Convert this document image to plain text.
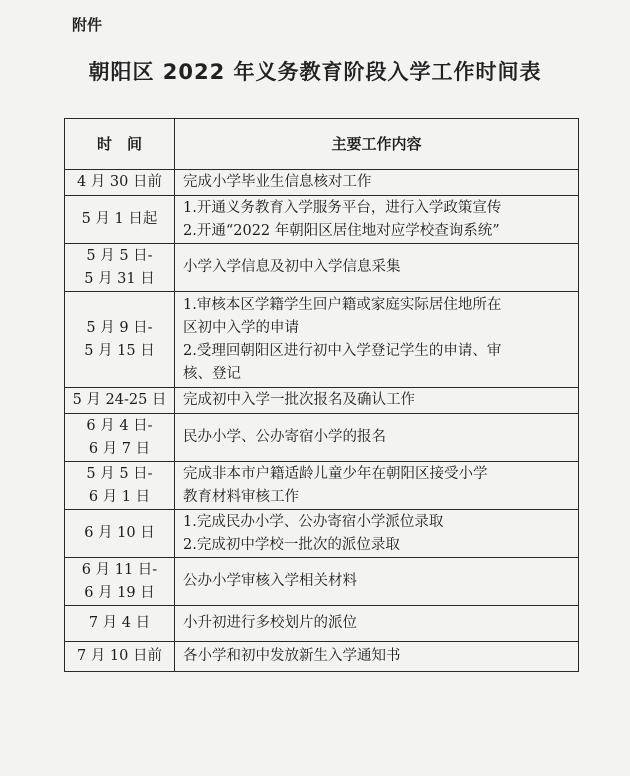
附件
朝阳区 2022 年义务教育阶段入学工作时间表
时　间	主要工作内容

4 月 30 日前	完成小学毕业生信息核对工作

5 月 1 日起	1.开通义务教育入学服务平台，进行入学政策宣传
2.开通“2022 年朝阳区居住地对应学校查询系统”

5 月 5 日-
5 月 31 日	小学入学信息及初中入学信息采集

5 月 9 日-
5 月 15 日	1.审核本区学籍学生回户籍或家庭实际居住地所在
区初中入学的申请
2.受理回朝阳区进行初中入学登记学生的申请、审
核、登记

5 月 24-25 日	完成初中入学一批次报名及确认工作

6 月 4 日-
6 月 7 日	民办小学、公办寄宿小学的报名

5 月 5 日-
6 月 1 日	完成非本市户籍适龄儿童少年在朝阳区接受小学
教育材料审核工作

6 月 10 日	1.完成民办小学、公办寄宿小学派位录取
2.完成初中学校一批次的派位录取

6 月 11 日-
6 月 19 日	公办小学审核入学相关材料

7 月 4 日	小升初进行多校划片的派位

7 月 10 日前	各小学和初中发放新生入学通知书
